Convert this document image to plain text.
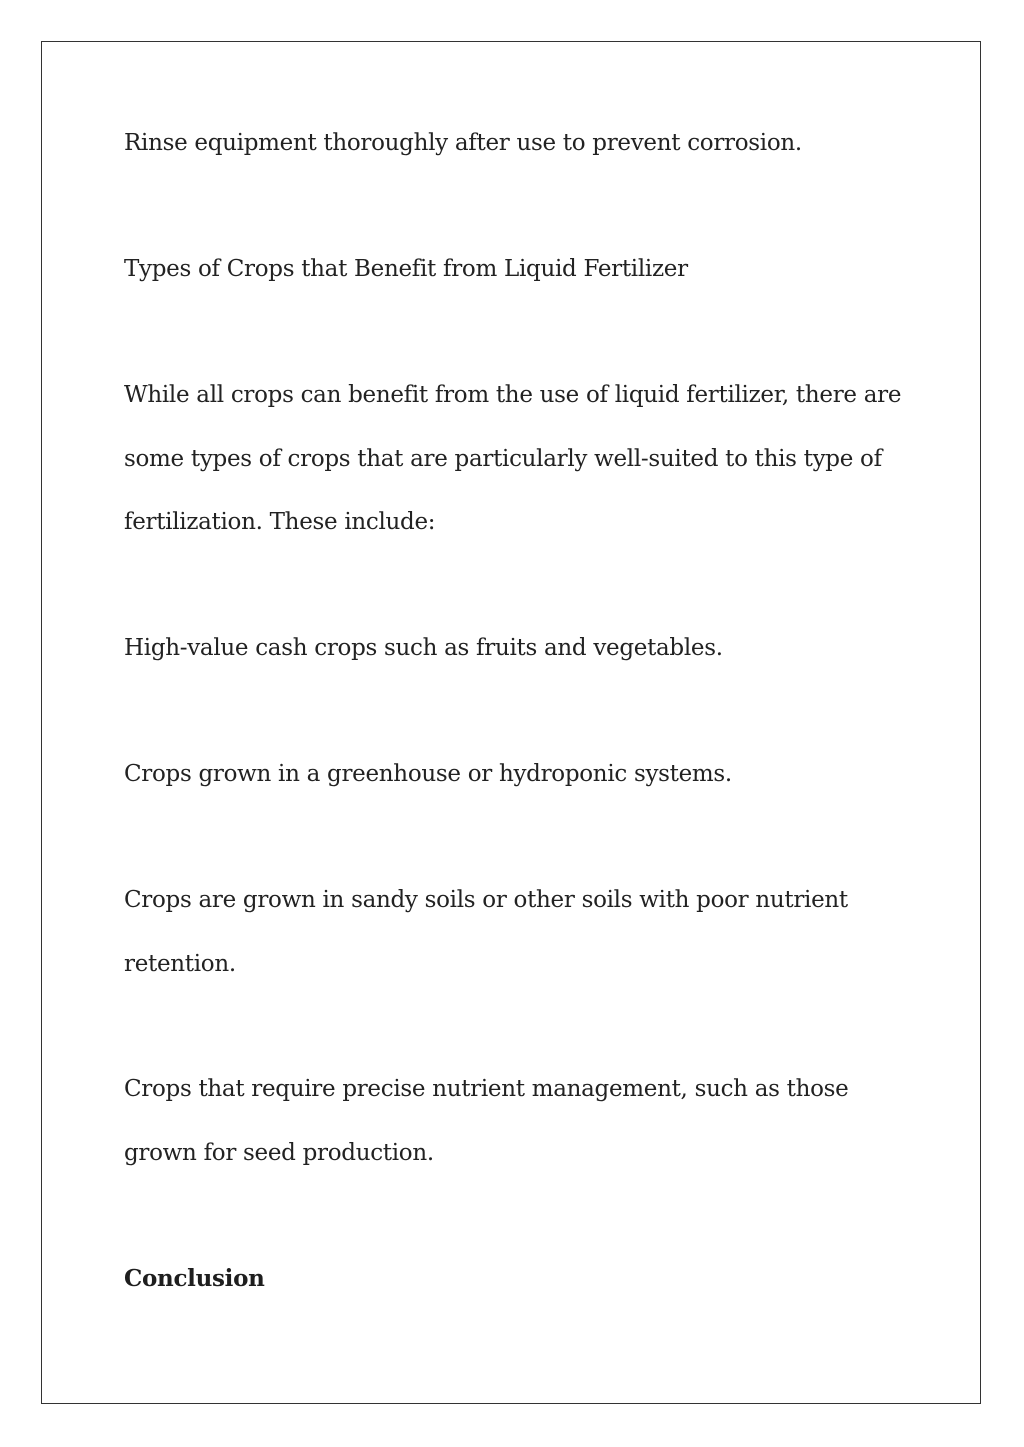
Rinse equipment thoroughly after use to prevent corrosion.
Types of Crops that Benefit from Liquid Fertilizer
While all crops can benefit from the use of liquid fertilizer, there are
some types of crops that are particularly well-suited to this type of
fertilization. These include:
High-value cash crops such as fruits and vegetables.
Crops grown in a greenhouse or hydroponic systems.
Crops are grown in sandy soils or other soils with poor nutrient
retention.
Crops that require precise nutrient management, such as those
grown for seed production.
Conclusion
